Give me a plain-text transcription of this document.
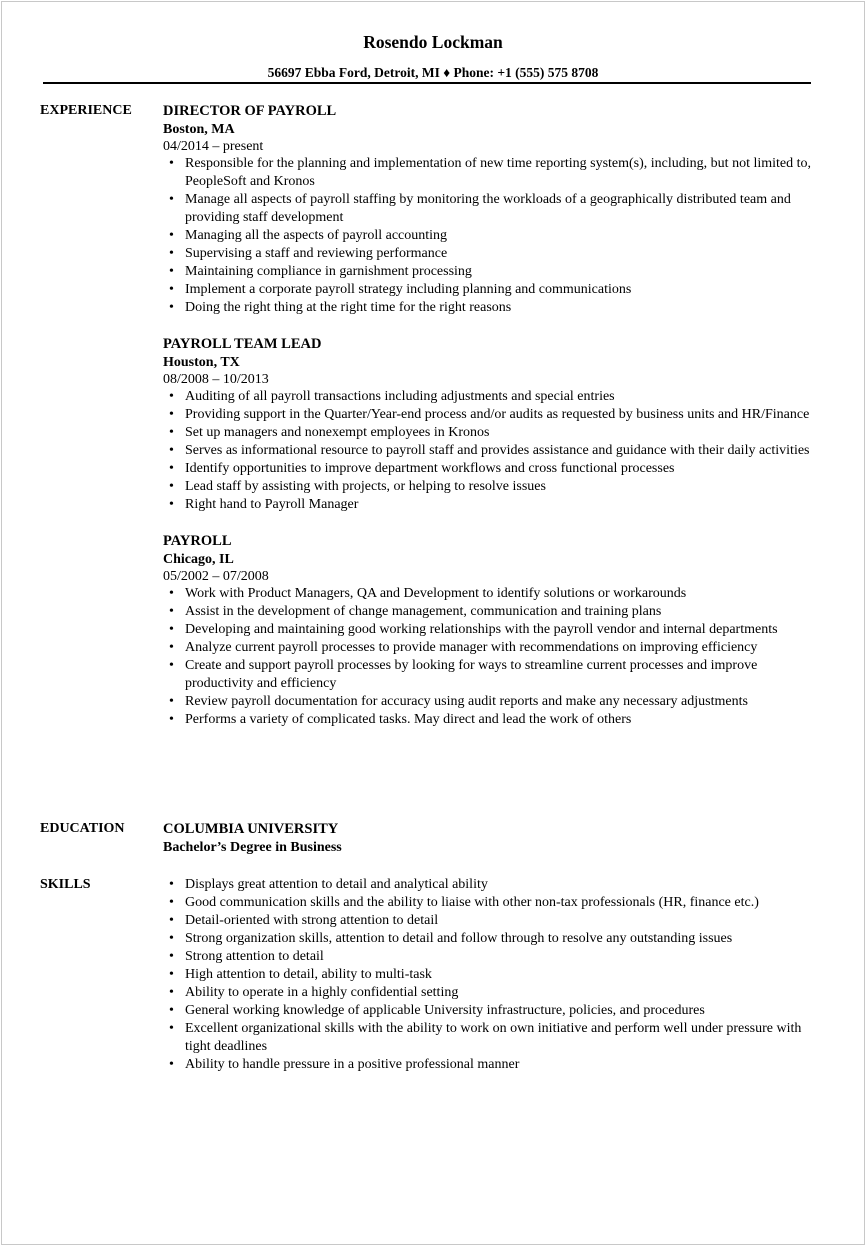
Rosendo Lockman
56697 Ebba Ford, Detroit, MI ♦ Phone: +1 (555) 575 8708
EXPERIENCE DIRECTOR OF PAYROLL
Boston, MA
04/2014 – present
• Responsible for the planning and implementation of new time reporting system(s), including, but not limited to, PeopleSoft and Kronos
• Manage all aspects of payroll staffing by monitoring the workloads of a geographically distributed team and providing staff development
• Managing all the aspects of payroll accounting
• Supervising a staff and reviewing performance
• Maintaining compliance in garnishment processing
• Implement a corporate payroll strategy including planning and communications
• Doing the right thing at the right time for the right reasons
PAYROLL TEAM LEAD
Houston, TX
08/2008 – 10/2013
• Auditing of all payroll transactions including adjustments and special entries
• Providing support in the Quarter/Year-end process and/or audits as requested by business units and HR/Finance
• Set up managers and nonexempt employees in Kronos
• Serves as informational resource to payroll staff and provides assistance and guidance with their daily activities
• Identify opportunities to improve department workflows and cross functional processes
• Lead staff by assisting with projects, or helping to resolve issues
• Right hand to Payroll Manager
PAYROLL
Chicago, IL
05/2002 – 07/2008
• Work with Product Managers, QA and Development to identify solutions or workarounds
• Assist in the development of change management, communication and training plans
• Developing and maintaining good working relationships with the payroll vendor and internal departments
• Analyze current payroll processes to provide manager with recommendations on improving efficiency
• Create and support payroll processes by looking for ways to streamline current processes and improve productivity and efficiency
• Review payroll documentation for accuracy using audit reports and make any necessary adjustments
• Performs a variety of complicated tasks. May direct and lead the work of others
EDUCATION	COLUMBIA UNIVERSITY
Bachelor’s Degree in Business
SKILLS
•	Displays great attention to detail and analytical ability
• Good communication skills and the ability to liaise with other non-tax professionals (HR, finance etc.)
• Detail-oriented with strong attention to detail
• Strong organization skills, attention to detail and follow through to resolve any outstanding issues
• Strong attention to detail
• High attention to detail, ability to multi-task
• Ability to operate in a highly confidential setting
• General working knowledge of applicable University infrastructure, policies, and procedures
• Excellent organizational skills with the ability to work on own initiative and perform well under pressure with tight deadlines
• Ability to handle pressure in a positive professional manner
